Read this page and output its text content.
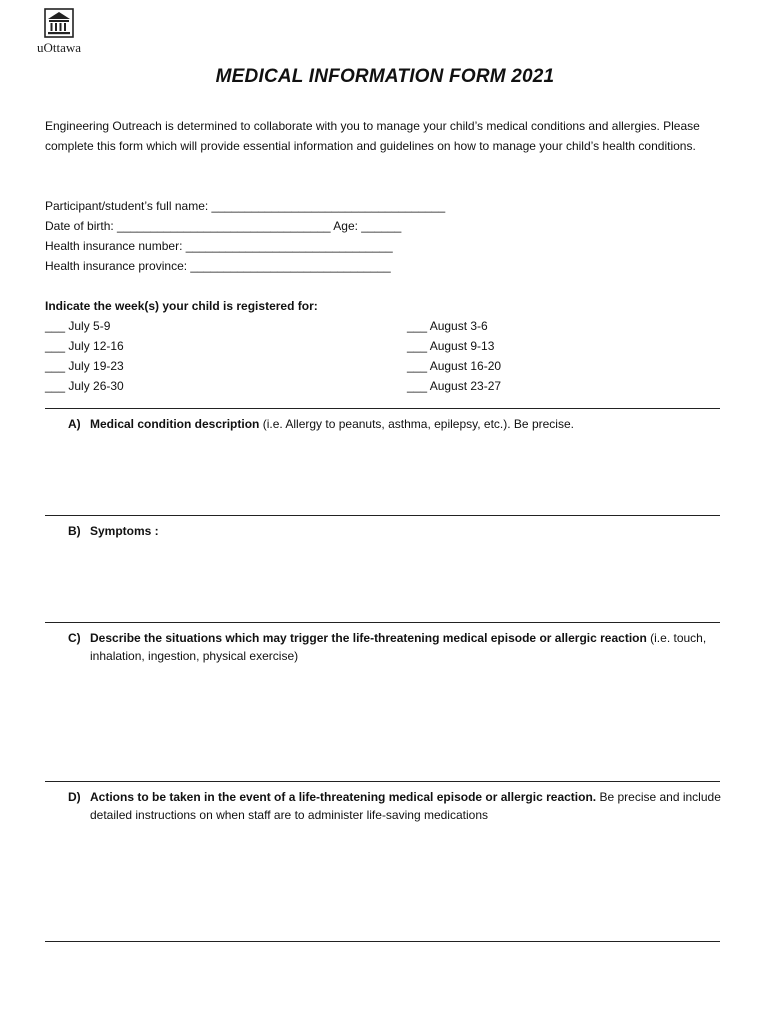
uOttawa
MEDICAL INFORMATION FORM 2021
Engineering Outreach is determined to collaborate with you to manage your child’s medical conditions and allergies. Please complete this form which will provide essential information and guidelines on how to manage your child’s health conditions.
Participant/student’s full name: ___________________________________
Date of birth: ________________________________ Age: ______
Health insurance number: _______________________________
Health insurance province: ______________________________
Indicate the week(s) your child is registered for:
___ July 5-9
___ July 12-16
___ July 19-23
___ July 26-30
___ August 3-6
___ August 9-13
___ August 16-20
___ August 23-27
A) Medical condition description (i.e. Allergy to peanuts, asthma, epilepsy, etc.). Be precise.
B) Symptoms :
C) Describe the situations which may trigger the life-threatening medical episode or allergic reaction (i.e. touch, inhalation, ingestion, physical exercise)
D) Actions to be taken in the event of a life-threatening medical episode or allergic reaction. Be precise and include detailed instructions on when staff are to administer life-saving medications
